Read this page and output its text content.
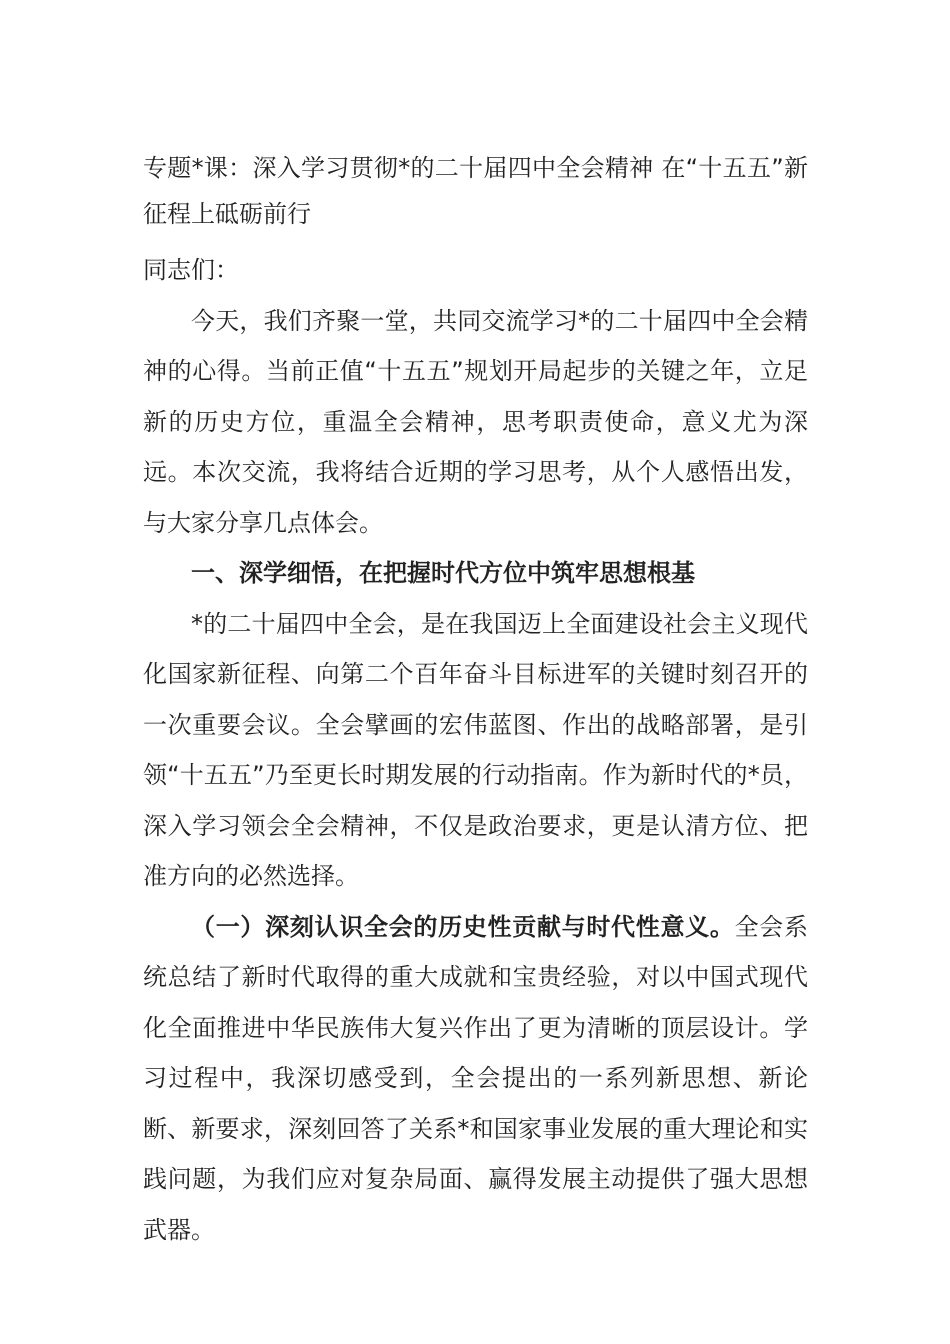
专题*课：深入学习贯彻*的二十届四中全会精神 在“十五五”新征程上砥砺前行

同志们：

今天，我们齐聚一堂，共同交流学习*的二十届四中全会精神的心得。当前正值“十五五”规划开局起步的关键之年，立足新的历史方位，重温全会精神，思考职责使命，意义尤为深远。本次交流，我将结合近期的学习思考，从个人感悟出发，与大家分享几点体会。

一、深学细悟，在把握时代方位中筑牢思想根基

*的二十届四中全会，是在我国迈上全面建设社会主义现代化国家新征程、向第二个百年奋斗目标进军的关键时刻召开的一次重要会议。全会擘画的宏伟蓝图、作出的战略部署，是引领“十五五”乃至更长时期发展的行动指南。作为新时代的*员，深入学习领会全会精神，不仅是政治要求，更是认清方位、把准方向的必然选择。

（一）深刻认识全会的历史性贡献与时代性意义。全会系统总结了新时代取得的重大成就和宝贵经验，对以中国式现代化全面推进中华民族伟大复兴作出了更为清晰的顶层设计。学习过程中，我深切感受到，全会提出的一系列新思想、新论断、新要求，深刻回答了关系*和国家事业发展的重大理论和实践问题，为我们应对复杂局面、赢得发展主动提供了强大思想武器。
